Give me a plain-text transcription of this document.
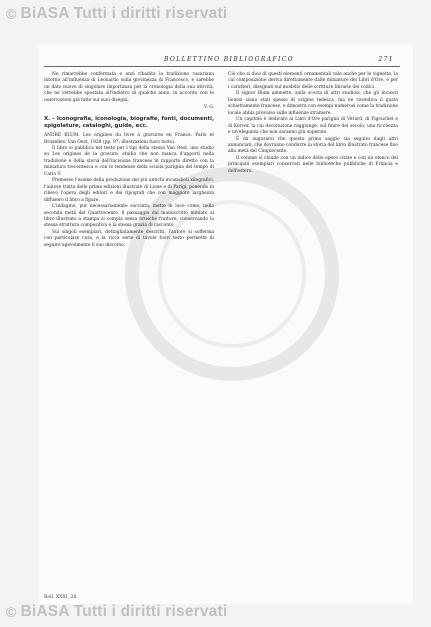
© BiASA Tutti i diritti riservati
BOLLETTINO BIBLIOGRAFICO	271

Ne rimarrebbe confermata e anzi ribadita la tradizione vasariana intorno all'influenza di Leonardo sulla giovinezza di Francesco, e sarebbe un dato nuovo di singolare importanza per la cronologia della sua attività, che ne verrebbe spostata all'indietro di qualche anno, in accordo con le osservazioni già fatte sui suoi disegni.

V. G.
X. – Iconografia, iconologia, biografie, fonti, documenti, spigolature, cataloghi, guide, ecc.

ANDRÉ BLUM. Les origines du livre à gravures en France. Paris et Bruxelles, Van Oest, 1928 (pp. 97; illustrazioni fuori testo).

Il libro si pubblica nel testo per i tipi della stessa Van Oest, uno studio su Les origines de la gravure, studio che non manca d'apporti nella tradizione e della storia dell'incisione francese in rapporto diretto con la miniatura trecentesca e con le tendenze della scuola parigina del tempo di Carlo V.

Premesso l'esame della produzione dei più antichi incunaboli xilografici, l'autore tratta delle prime edizioni illustrate di Lione e di Parigi, ponendo in rilievo l'opera degli editori e dei tipografi che con maggiore larghezza diffusero il libro a figure.

L'indagine, pur necessariamente succinta, mette in luce come, nella seconda metà del Quattrocento, il passaggio dal manoscritto miniato al libro illustrato a stampa si compia senza brusche fratture, conservando la stessa struttura compositiva e la stessa grazia di racconto.

Sui singoli esemplari, dettagliatamente descritti, l'autore si sofferma con particolare cura, e la ricca serie di tavole fuori testo permette di seguire agevolmente il suo discorso.

Ciò che si dice di questi elementi ornamentali vale anche per le vignette, la cui composizione deriva direttamente dalle miniature dei Libri d'Ore, e per i caratteri, disegnati sul modello delle scritture librarie dei codici.

Il signor Blum ammette, sulla scorta di altri studiosi, che gli incisori lionesi siano stati spesso di origine tedesca, ma ne rivendica il gusto schiettamente francese, e dimostra con esempi numerosi come la tradizione locale abbia prevalso sulle influenze straniere.

Un capitolo è dedicato ai Libri d'Ore parigini di Vérard, di Pigouchet e di Kerver, la cui decorazione raggiunge, sul finire del secolo, una ricchezza e un'eleganza che non saranno più superate.

È da augurarsi che questo primo saggio sia seguito dagli altri annunciati, che dovranno condurre la storia del libro illustrato francese fino alla metà del Cinquecento.

Il volume si chiude con un indice delle opere citate e con un elenco dei principali esemplari conservati nelle biblioteche pubbliche di Francia e dell'estero.

Boll. XXXI, 28
© BiASA Tutti i diritti riservati
